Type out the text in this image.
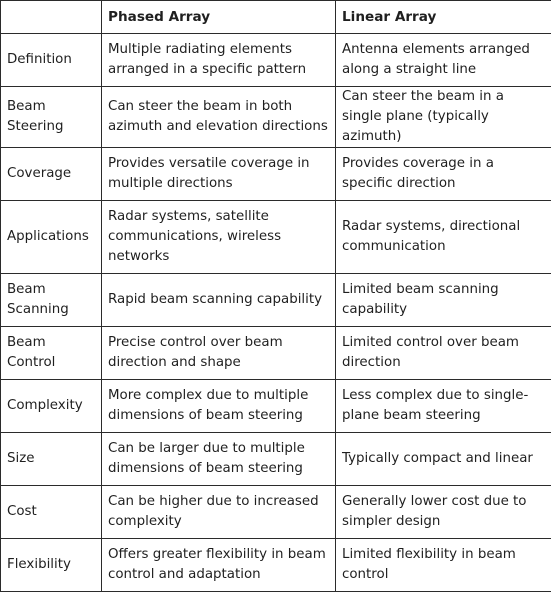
	Phased Array	Linear Array
Definition	Multiple radiating elements arranged in a specific pattern	Antenna elements arranged along a straight line
Beam Steering	Can steer the beam in both azimuth and elevation directions	Can steer the beam in a single plane (typically azimuth)
Coverage	Provides versatile coverage in multiple directions	Provides coverage in a specific direction
Applications	Radar systems, satellite communications, wireless networks	Radar systems, directional communication
Beam Scanning	Rapid beam scanning capability	Limited beam scanning capability
Beam Control	Precise control over beam direction and shape	Limited control over beam direction
Complexity	More complex due to multiple dimensions of beam steering	Less complex due to single-plane beam steering
Size	Can be larger due to multiple dimensions of beam steering	Typically compact and linear
Cost	Can be higher due to increased complexity	Generally lower cost due to simpler design
Flexibility	Offers greater flexibility in beam control and adaptation	Limited flexibility in beam control
